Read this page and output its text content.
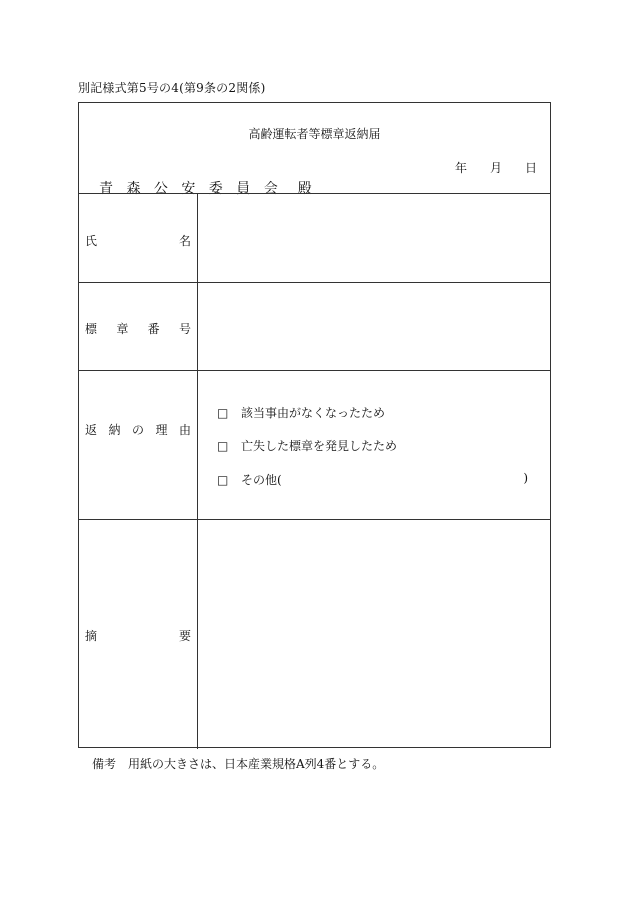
別記様式第5号の4(第9条の2関係)
高齢運転者等標章返納届
年 月 日
青 森 公 安 委 員 会　殿
氏	名
標 章 番 号
返 納 の 理 由
□ 該当事由がなくなったため
□ 亡失した標章を発見したため
□ その他(	)
摘	要
備考　用紙の大きさは、日本産業規格A列4番とする。
